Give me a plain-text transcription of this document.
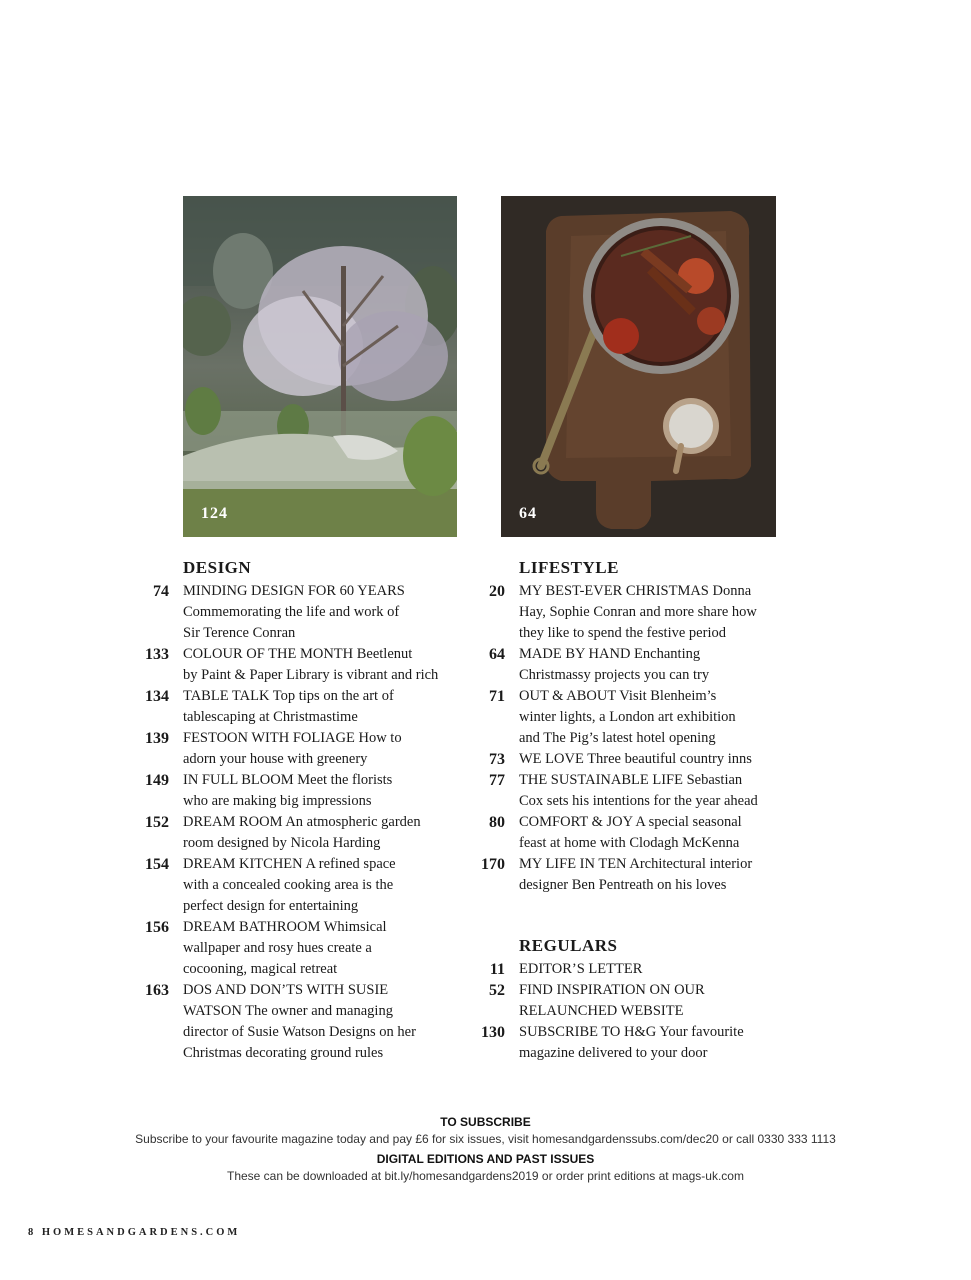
124	64
DESIGN
74 MINDING DESIGN FOR 60 YEARS
Commemorating the life and work of
Sir Terence Conran
133 COLOUR OF THE MONTH Beetlenut
by Paint & Paper Library is vibrant and rich
134 TABLE TALK Top tips on the art of
tablescaping at Christmastime
139 FESTOON WITH FOLIAGE How to
adorn your house with greenery
149 IN FULL BLOOM Meet the florists
who are making big impressions
152 DREAM ROOM An atmospheric garden
room designed by Nicola Harding
154 DREAM KITCHEN A refined space
with a concealed cooking area is the
perfect design for entertaining
156 DREAM BATHROOM Whimsical
wallpaper and rosy hues create a
cocooning, magical retreat
163 DOS AND DON’TS WITH SUSIE
WATSON The owner and managing
director of Susie Watson Designs on her
Christmas decorating ground rules
LIFESTYLE
20 MY BEST-EVER CHRISTMAS Donna
Hay, Sophie Conran and more share how
they like to spend the festive period
64 MADE BY HAND Enchanting
Christmassy projects you can try
71 OUT & ABOUT Visit Blenheim’s
winter lights, a London art exhibition
and The Pig’s latest hotel opening
73 WE LOVE Three beautiful country inns
77 THE SUSTAINABLE LIFE Sebastian
Cox sets his intentions for the year ahead
80 COMFORT & JOY A special seasonal
feast at home with Clodagh McKenna
170 MY LIFE IN TEN Architectural interior
designer Ben Pentreath on his loves
REGULARS
11 EDITOR’S LETTER
52 FIND INSPIRATION ON OUR
RELAUNCHED WEBSITE
130 SUBSCRIBE TO H&G Your favourite
magazine delivered to your door
TO SUBSCRIBE
Subscribe to your favourite magazine today and pay £6 for six issues, visit homesandgardenssubs.com/dec20 or call 0330 333 1113
DIGITAL EDITIONS AND PAST ISSUES
These can be downloaded at bit.ly/homesandgardens2019 or order print editions at mags-uk.com
8 HOMESANDGARDENS.COM
